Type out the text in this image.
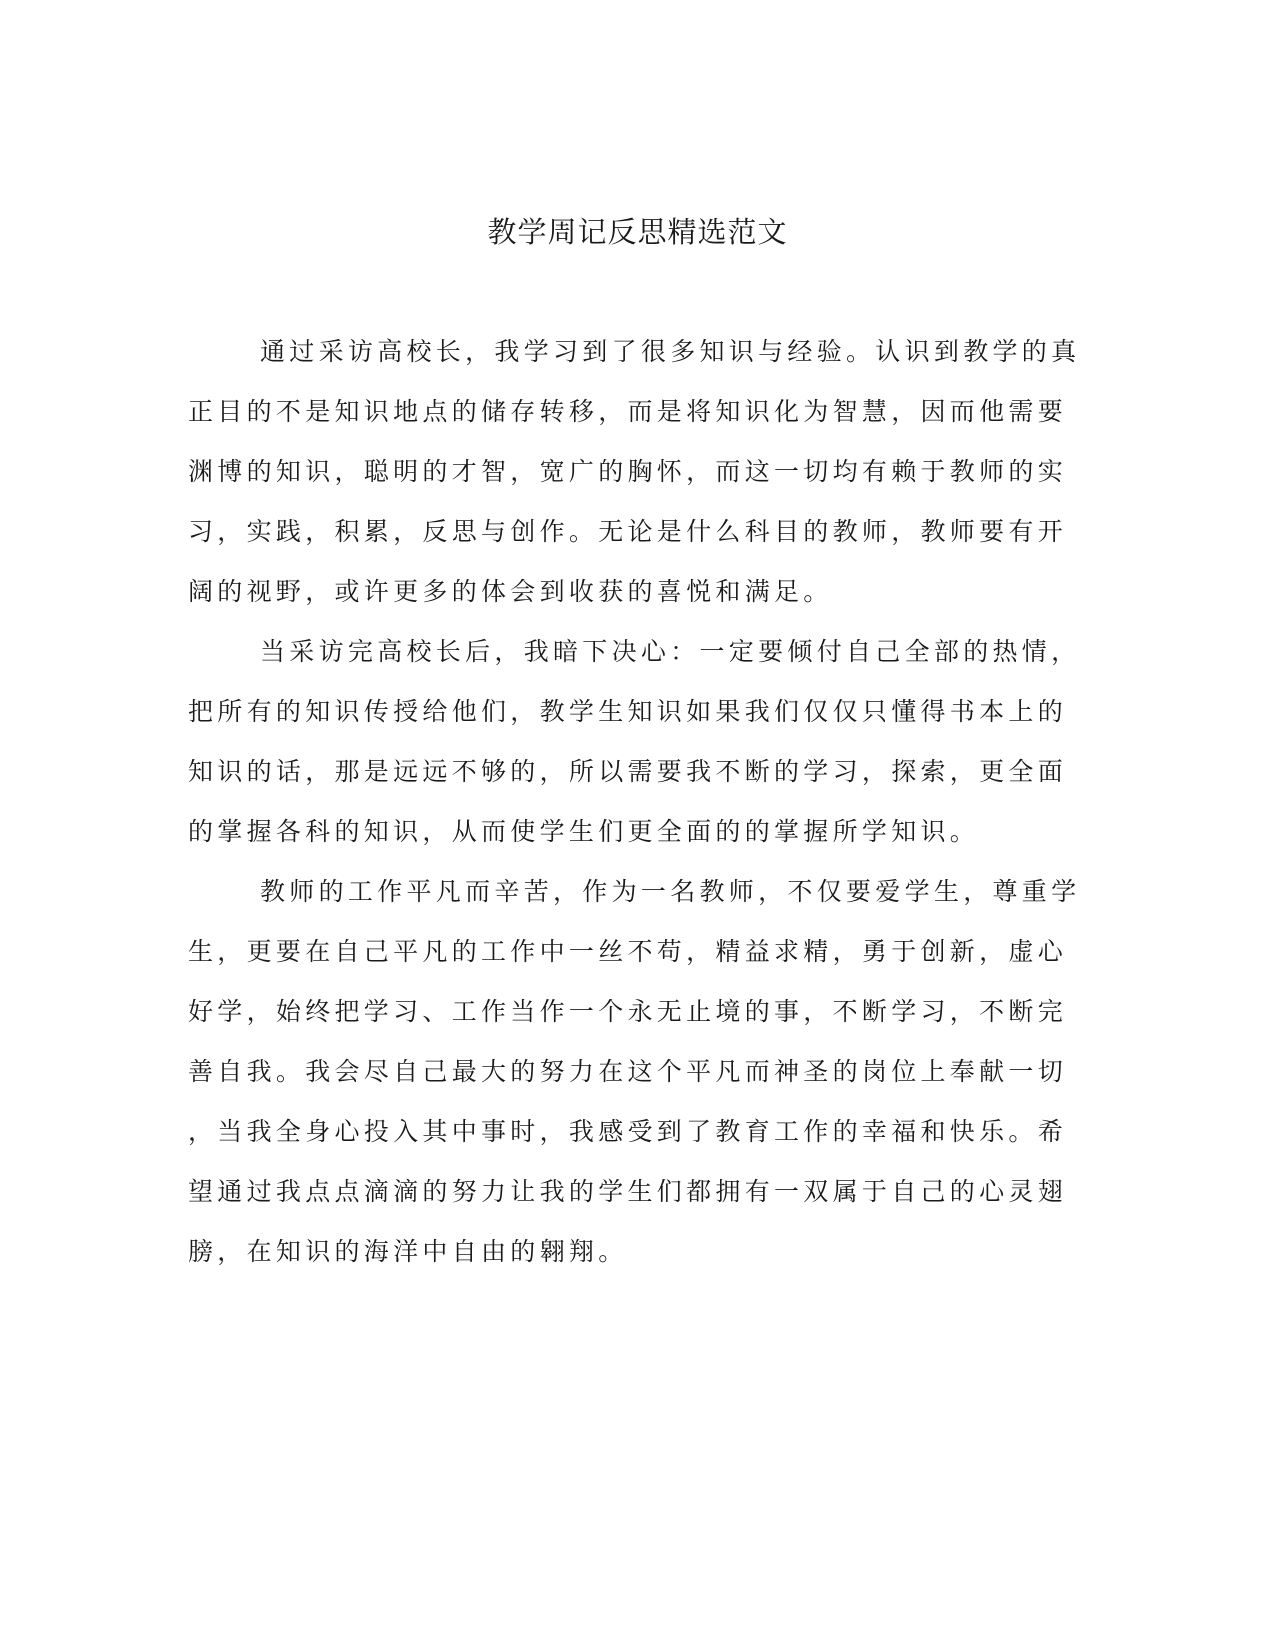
教学周记反思精选范文
通过采访高校长，我学习到了很多知识与经验。认识到教学的真
正目的不是知识地点的储存转移，而是将知识化为智慧，因而他需要
渊博的知识，聪明的才智，宽广的胸怀，而这一切均有赖于教师的实
习，实践，积累，反思与创作。无论是什么科目的教师，教师要有开
阔的视野，或许更多的体会到收获的喜悦和满足。
当采访完高校长后，我暗下决心：一定要倾付自己全部的热情，
把所有的知识传授给他们，教学生知识如果我们仅仅只懂得书本上的
知识的话，那是远远不够的，所以需要我不断的学习，探索，更全面
的掌握各科的知识，从而使学生们更全面的的掌握所学知识。
教师的工作平凡而辛苦，作为一名教师，不仅要爱学生，尊重学
生，更要在自己平凡的工作中一丝不苟，精益求精，勇于创新，虚心
好学，始终把学习、工作当作一个永无止境的事，不断学习，不断完
善自我。我会尽自己最大的努力在这个平凡而神圣的岗位上奉献一切
，当我全身心投入其中事时，我感受到了教育工作的幸福和快乐。希
望通过我点点滴滴的努力让我的学生们都拥有一双属于自己的心灵翅
膀，在知识的海洋中自由的翱翔。
